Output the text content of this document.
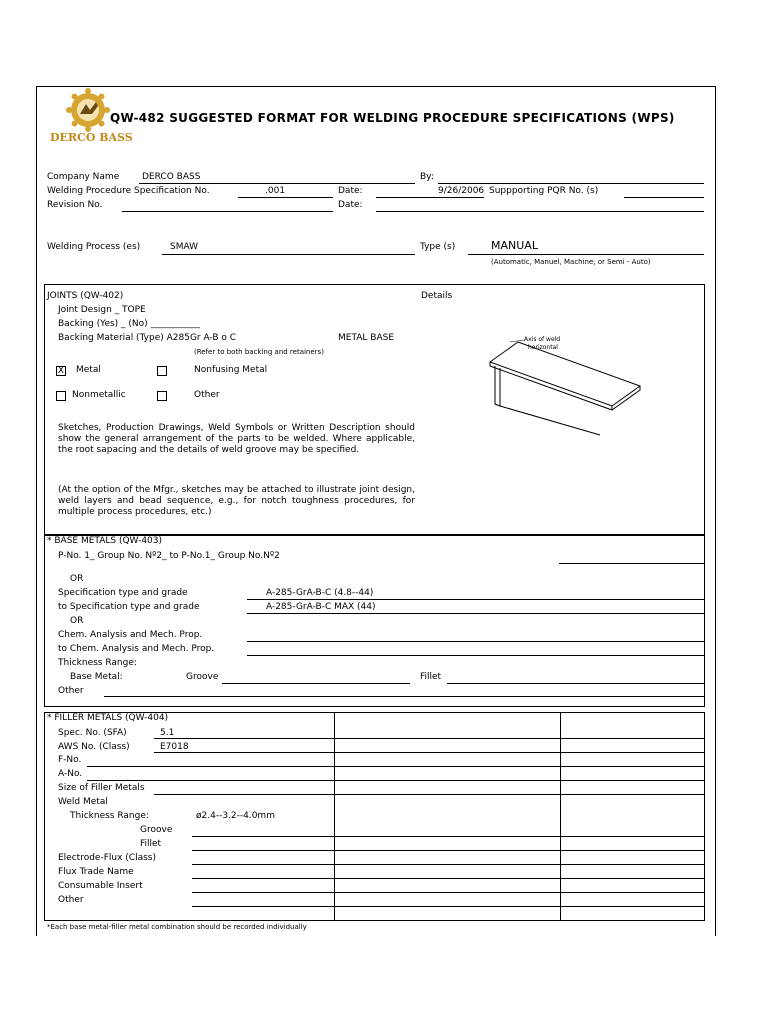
DERCO BASS
QW-482 SUGGESTED FORMAT FOR WELDING PROCEDURE SPECIFICATIONS (WPS)
Company Name	DERCO BASS	By:
Welding Procedure Specification No.	.001	Date:	9/26/2006 Suppporting PQR No. (s)
Revision No.	Date:
Welding Process (es)	SMAW	Type (s)	MANUAL
(Automatic, Manuel, Machine, or Semi - Auto)
JOINTS (QW-402)	Details
Joint Design _ TOPE
Backing (Yes) _ (No) ___________
Backing Material (Type) A285Gr A-B o C	METAL BASE
(Refer to both backing and retainers)
X Metal	Nonfusing Metal
Nonmetallic	Other
Sketches, Production Drawings, Weld Symbols or Written Description should show the general arrangement of the parts to be welded. Where applicable, the root sapacing and the details of weld groove may be specified.
(At the option of the Mfgr., sketches may be attached to illustrate joint design, weld layers and bead sequence, e.g., for notch toughness procedures, for multiple process procedures, etc.)
Axis of weld
horizontal
* BASE METALS (QW-403)
P-No. 1_ Group No. Nº2_ to P-No.1_ Group No.Nº2
OR
Specification type and grade	A-285-GrA-B-C (4.8--44)
to Specification type and grade	A-285-GrA-B-C MAX (44)
OR
Chem. Analysis and Mech. Prop.
to Chem. Analysis and Mech. Prop.
Thickness Range:
Base Metal:	Groove	Fillet
Other
* FILLER METALS (QW-404)
Spec. No. (SFA)	5.1
AWS No. (Class)	E7018
F-No.
A-No.
Size of Filler Metals
Weld Metal
Thickness Range:	ø2.4--3.2--4.0mm
Groove
Fillet
Electrode-Flux (Class)
Flux Trade Name
Consumable Insert
Other
*Each base metal-filler metal combination should be recorded individually
